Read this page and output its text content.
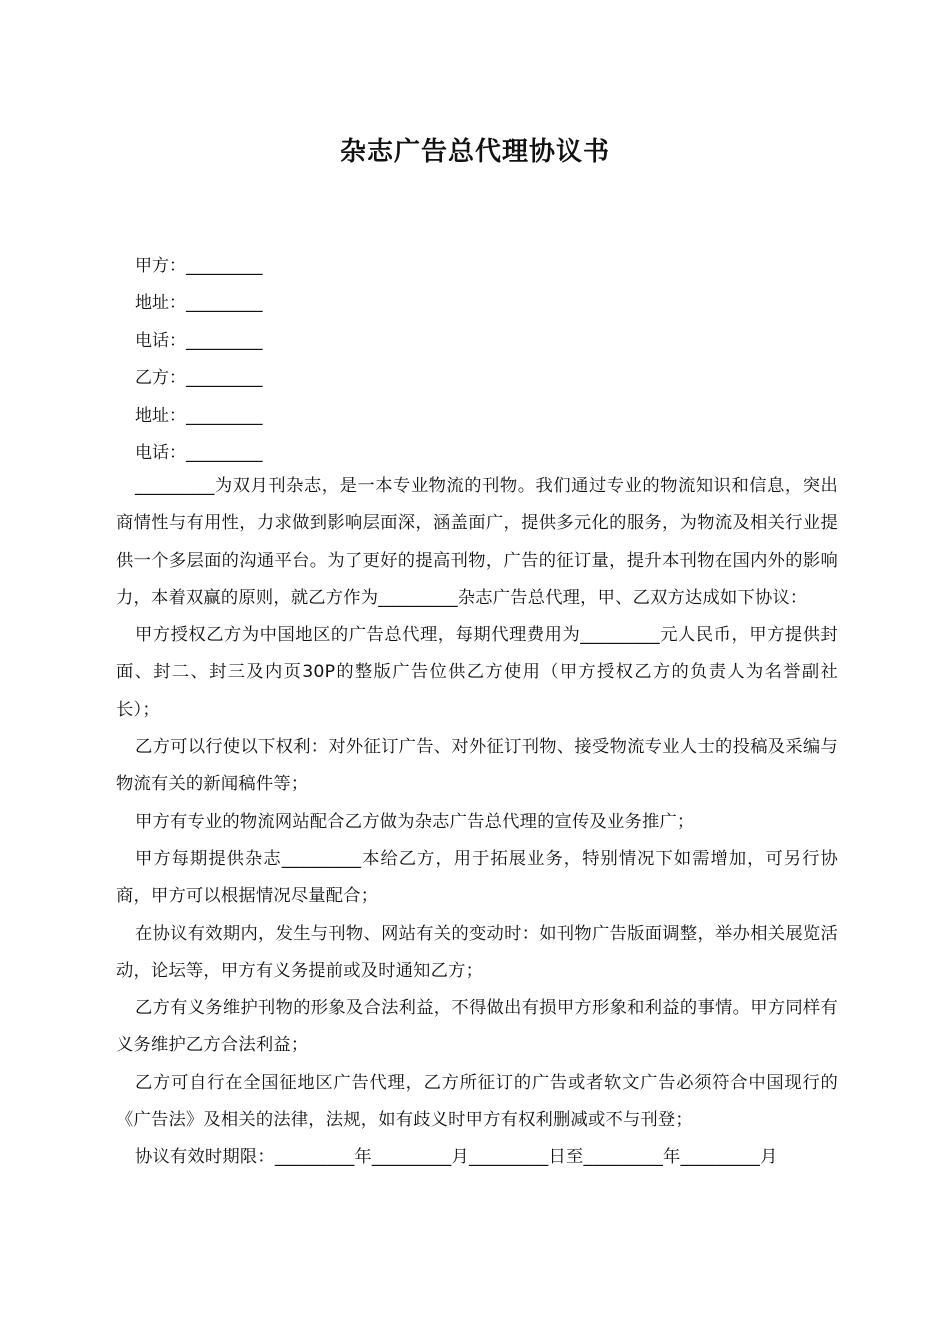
杂志广告总代理协议书
甲方：_________
地址：_________
电话：_________
乙方：_________
地址：_________
电话：_________

_________为双月刊杂志，是一本专业物流的刊物。我们通过专业的物流知识和信息，突出商情性与有用性，力求做到影响层面深，涵盖面广，提供多元化的服务，为物流及相关行业提供一个多层面的沟通平台。为了更好的提高刊物，广告的征订量，提升本刊物在国内外的影响力，本着双赢的原则，就乙方作为_________杂志广告总代理，甲、乙双方达成如下协议：

甲方授权乙方为中国地区的广告总代理，每期代理费用为_________元人民币，甲方提供封面、封二、封三及内页30P的整版广告位供乙方使用（甲方授权乙方的负责人为名誉副社长）；

乙方可以行使以下权利：对外征订广告、对外征订刊物、接受物流专业人士的投稿及采编与物流有关的新闻稿件等；

甲方有专业的物流网站配合乙方做为杂志广告总代理的宣传及业务推广；

甲方每期提供杂志_________本给乙方，用于拓展业务，特别情况下如需增加，可另行协商，甲方可以根据情况尽量配合；

在协议有效期内，发生与刊物、网站有关的变动时：如刊物广告版面调整，举办相关展览活动，论坛等，甲方有义务提前或及时通知乙方；

乙方有义务维护刊物的形象及合法利益，不得做出有损甲方形象和利益的事情。甲方同样有义务维护乙方合法利益；

乙方可自行在全国征地区广告代理，乙方所征订的广告或者软文广告必须符合中国现行的《广告法》及相关的法律，法规，如有歧义时甲方有权利删减或不与刊登；

协议有效时期限：_________年_________月_________日至_________年_________月
